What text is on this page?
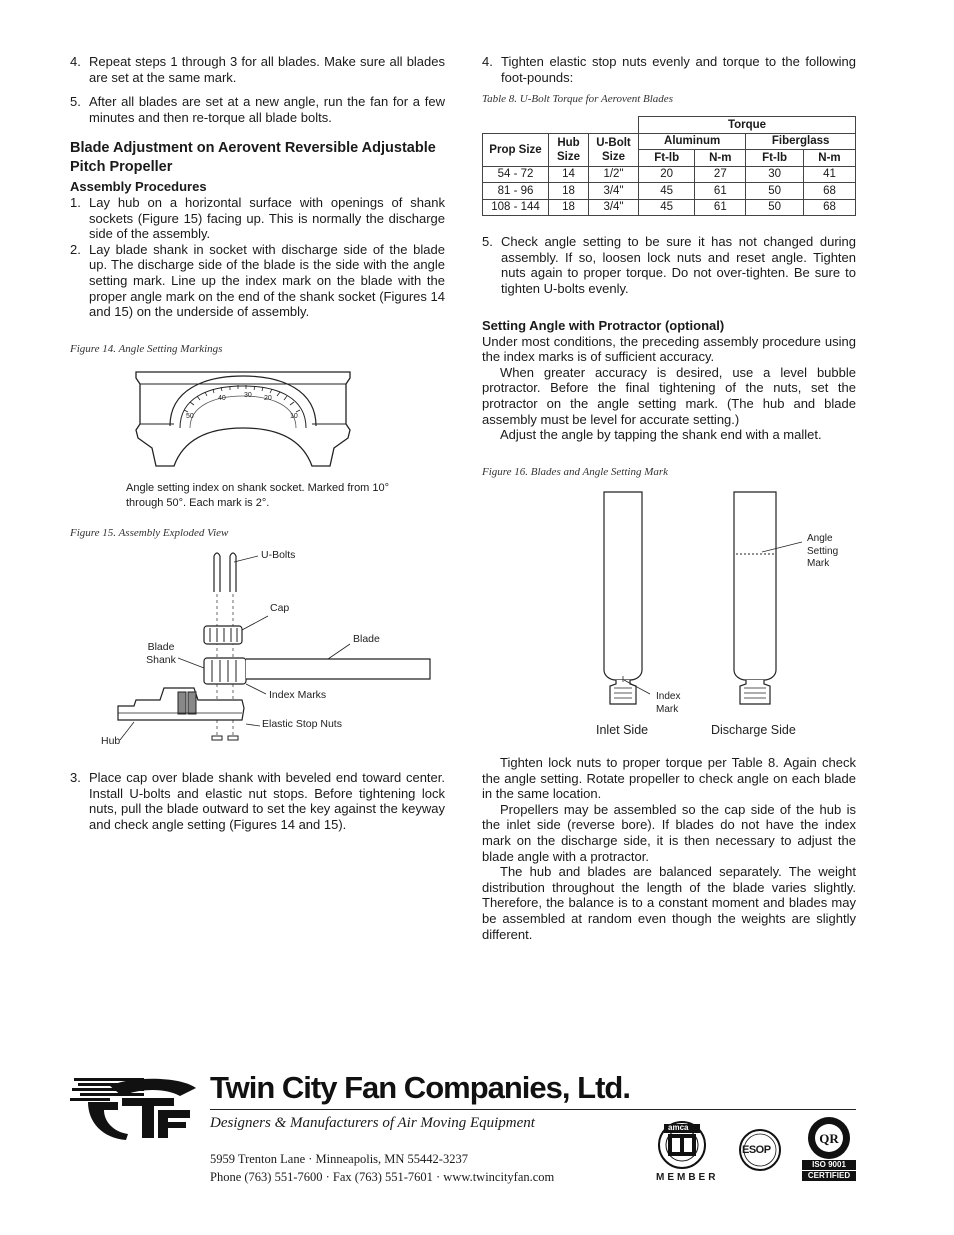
4. Repeat steps 1 through 3 for all blades. Make sure all blades are set at the same mark.
5. After all blades are set at a new angle, run the fan for a few minutes and then re-torque all blade bolts.
Blade Adjustment on Aerovent Reversible Adjustable Pitch Propeller
Assembly Procedures
1. Lay hub on a horizontal surface with openings of shank sockets (Figure 15) facing up. This is normally the discharge side of the assembly.
2. Lay blade shank in socket with discharge side of the blade up. The discharge side of the blade is the side with the angle setting mark. Line up the index mark on the blade with the proper angle mark on the end of the shank socket (Figures 14 and 15) on the underside of assembly.
Figure 14. Angle Setting Markings
50
40	30 20
10
Angle setting index on shank socket. Marked from 10° through 50°. Each mark is 2°.
Figure 15. Assembly Exploded View
U-Bolts
Cap
Blade
Blade Shank
Index Marks
Elastic Stop Nuts
Hub
3. Place cap over blade shank with beveled end toward center. Install U-bolts and elastic nut stops. Before tightening lock nuts, pull the blade outward to set the key against the keyway and check angle setting (Figures 14 and 15).
4. Tighten elastic stop nuts evenly and torque to the following foot-pounds:
Table 8. U-Bolt Torque for Aerovent Blades
			Torque			
Prop Size	Hub Size	U-Bolt Size	Aluminum		Fiberglass	
			Ft-lb	N-m	Ft-lb	N-m
54 - 72	14	1/2"	20	27	30	41
81 - 96	18	3/4"	45	61	50	68
108 - 144	18	3/4"	45	61	50	68
5. Check angle setting to be sure it has not changed during assembly. If so, loosen lock nuts and reset angle. Tighten nuts again to proper torque. Do not over-tighten. Be sure to tighten U-bolts evenly.
Setting Angle with Protractor (optional)
Under most conditions, the preceding assembly procedure using the index marks is of sufficient accuracy.
When greater accuracy is desired, use a level bubble protractor. Before the final tightening of the nuts, set the protractor on the angle setting mark. (The hub and blade assembly must be level for accurate setting.)
Adjust the angle by tapping the shank end with a mallet.
Figure 16. Blades and Angle Setting Mark
Angle Setting Mark
Index Mark
Inlet Side	Discharge Side
Tighten lock nuts to proper torque per Table 8. Again check the angle setting. Rotate propeller to check angle on each blade in the same location.
Propellers may be assembled so the cap side of the hub is the inlet side (reverse bore). If blades do not have the index mark on the discharge side, it is then necessary to adjust the blade angle with a protractor.
The hub and blades are balanced separately. The weight distribution throughout the length of the blade varies slightly. Therefore, the balance is to a constant moment and blades may be assembled at random even though the weights are slightly different.
Twin City Fan Companies, Ltd.
Designers & Manufacturers of Air Moving Equipment
5959 Trenton Lane · Minneapolis, MN 55442-3237
Phone (763) 551-7600 · Fax (763) 551-7601 · www.twincityfan.com
amca
MEMBER
ESOP
QR
ISO 9001
CERTIFIED
